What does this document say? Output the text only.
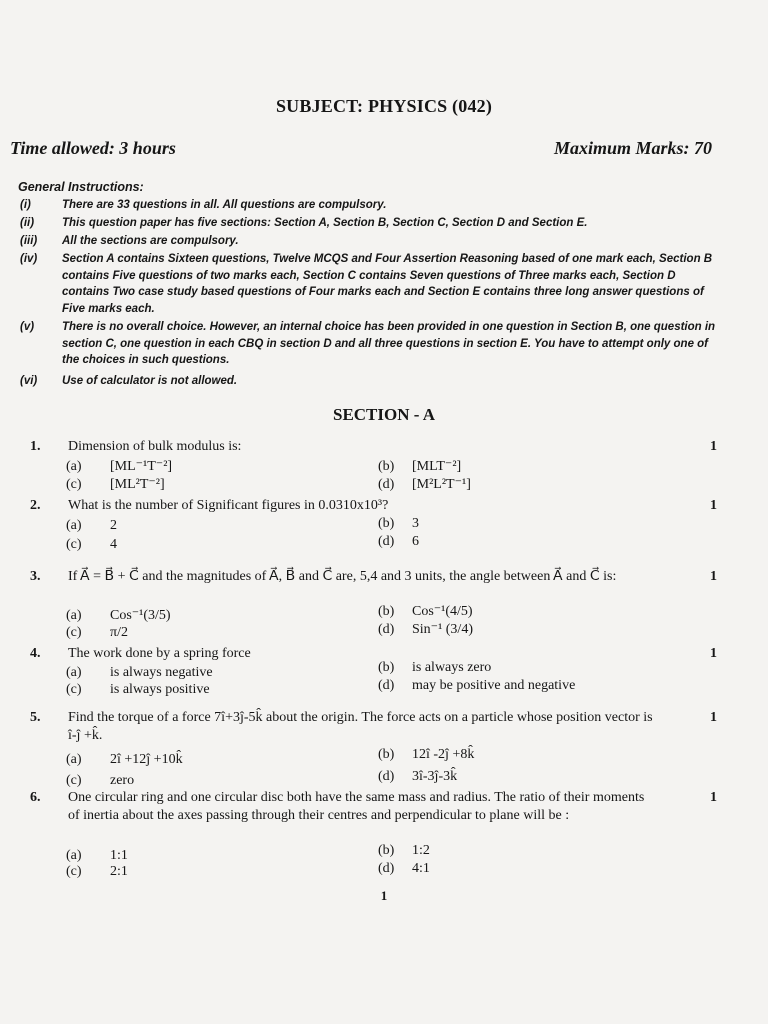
SUBJECT: PHYSICS (042)
Time allowed: 3 hours	Maximum Marks: 70
General Instructions:
(i)	There are 33 questions in all. All questions are compulsory.
(ii) This question paper has five sections: Section A, Section B, Section C, Section D and Section E.
(iii) All the sections are compulsory.
(iv) Section A contains Sixteen questions, Twelve MCQS and Four Assertion Reasoning based of one mark each, Section B contains Five questions of two marks each, Section C contains Seven questions of Three marks each, Section D contains Two case study based questions of Four marks each and Section E contains three long answer questions of Five marks each.
(v) There is no overall choice. However, an internal choice has been provided in one question in Section B, one question in section C, one question in each CBQ in section D and all three questions in section E. You have to attempt only one of the choices in such questions.
(vi) Use of calculator is not allowed.
SECTION - A
1. Dimension of bulk modulus is:	1
(a) [ML⁻¹T⁻²]	(b) [MLT⁻²]
(c) [ML²T⁻²]	(d) [M²L²T⁻¹]
2. What is the number of Significant figures in 0.0310x10³?	1
(a) 2	(b) 3
(c) 4	(d) 6
3. If A⃗ = B⃗ + C⃗ and the magnitudes of A⃗, B⃗ and C⃗ are, 5,4 and 3 units, the angle between A⃗ and C⃗ is:	1
(a) Cos⁻¹(3/5)	(b) Cos⁻¹(4/5)
(c) π/2	(d) Sin⁻¹ (3/4)
4. The work done by a spring force	1
(a) is always negative	(b) is always zero
(c) is always positive	(d) may be positive and negative
5. Find the torque of a force 7î+3ĵ-5k̂ about the origin. The force acts on a particle whose position vector is î-ĵ +k̂.
1
(a) 2î +12ĵ +10k̂	(b) 12î -2ĵ +8k̂
(c) zero	(d) 3î-3ĵ-3k̂
6. One circular ring and one circular disc both have the same mass and radius. The ratio of their moments of inertia about the axes passing through their centres and perpendicular to plane will be :
1
(a) 1:1	(b) 1:2
(c) 2:1	(d) 4:1
1
